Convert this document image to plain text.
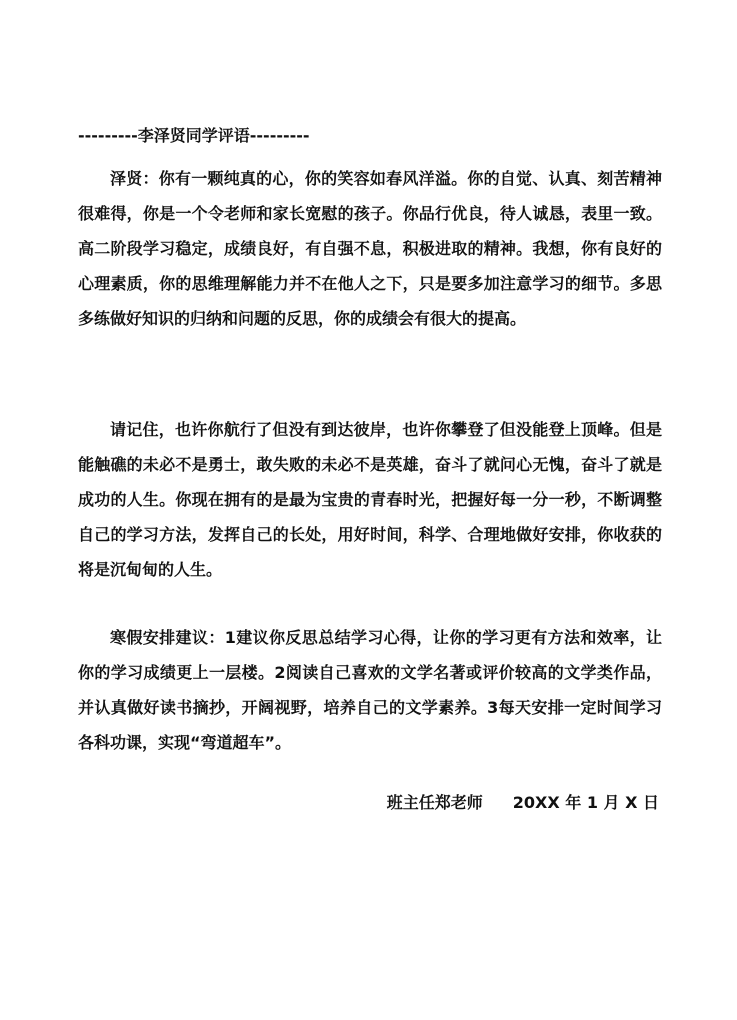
---------李泽贤同学评语---------

泽贤：你有一颗纯真的心，你的笑容如春风洋溢。你的自觉、认真、刻苦精神很难得，你是一个令老师和家长宽慰的孩子。你品行优良，待人诚恳，表里一致。高二阶段学习稳定，成绩良好，有自强不息，积极进取的精神。我想，你有良好的心理素质，你的思维理解能力并不在他人之下，只是要多加注意学习的细节。多思多练做好知识的归纳和问题的反思，你的成绩会有很大的提高。

请记住，也许你航行了但没有到达彼岸，也许你攀登了但没能登上顶峰。但是能触礁的未必不是勇士，敢失败的未必不是英雄，奋斗了就问心无愧，奋斗了就是成功的人生。你现在拥有的是最为宝贵的青春时光，把握好每一分一秒，不断调整自己的学习方法，发挥自己的长处，用好时间，科学、合理地做好安排，你收获的将是沉甸甸的人生。

寒假安排建议：1建议你反思总结学习心得，让你的学习更有方法和效率，让你的学习成绩更上一层楼。2阅读自己喜欢的文学名著或评价较高的文学类作品，并认真做好读书摘抄，开阔视野，培养自己的文学素养。3每天安排一定时间学习各科功课，实现“弯道超车”。

班主任郑老师 20XX 年 1 月 X 日
